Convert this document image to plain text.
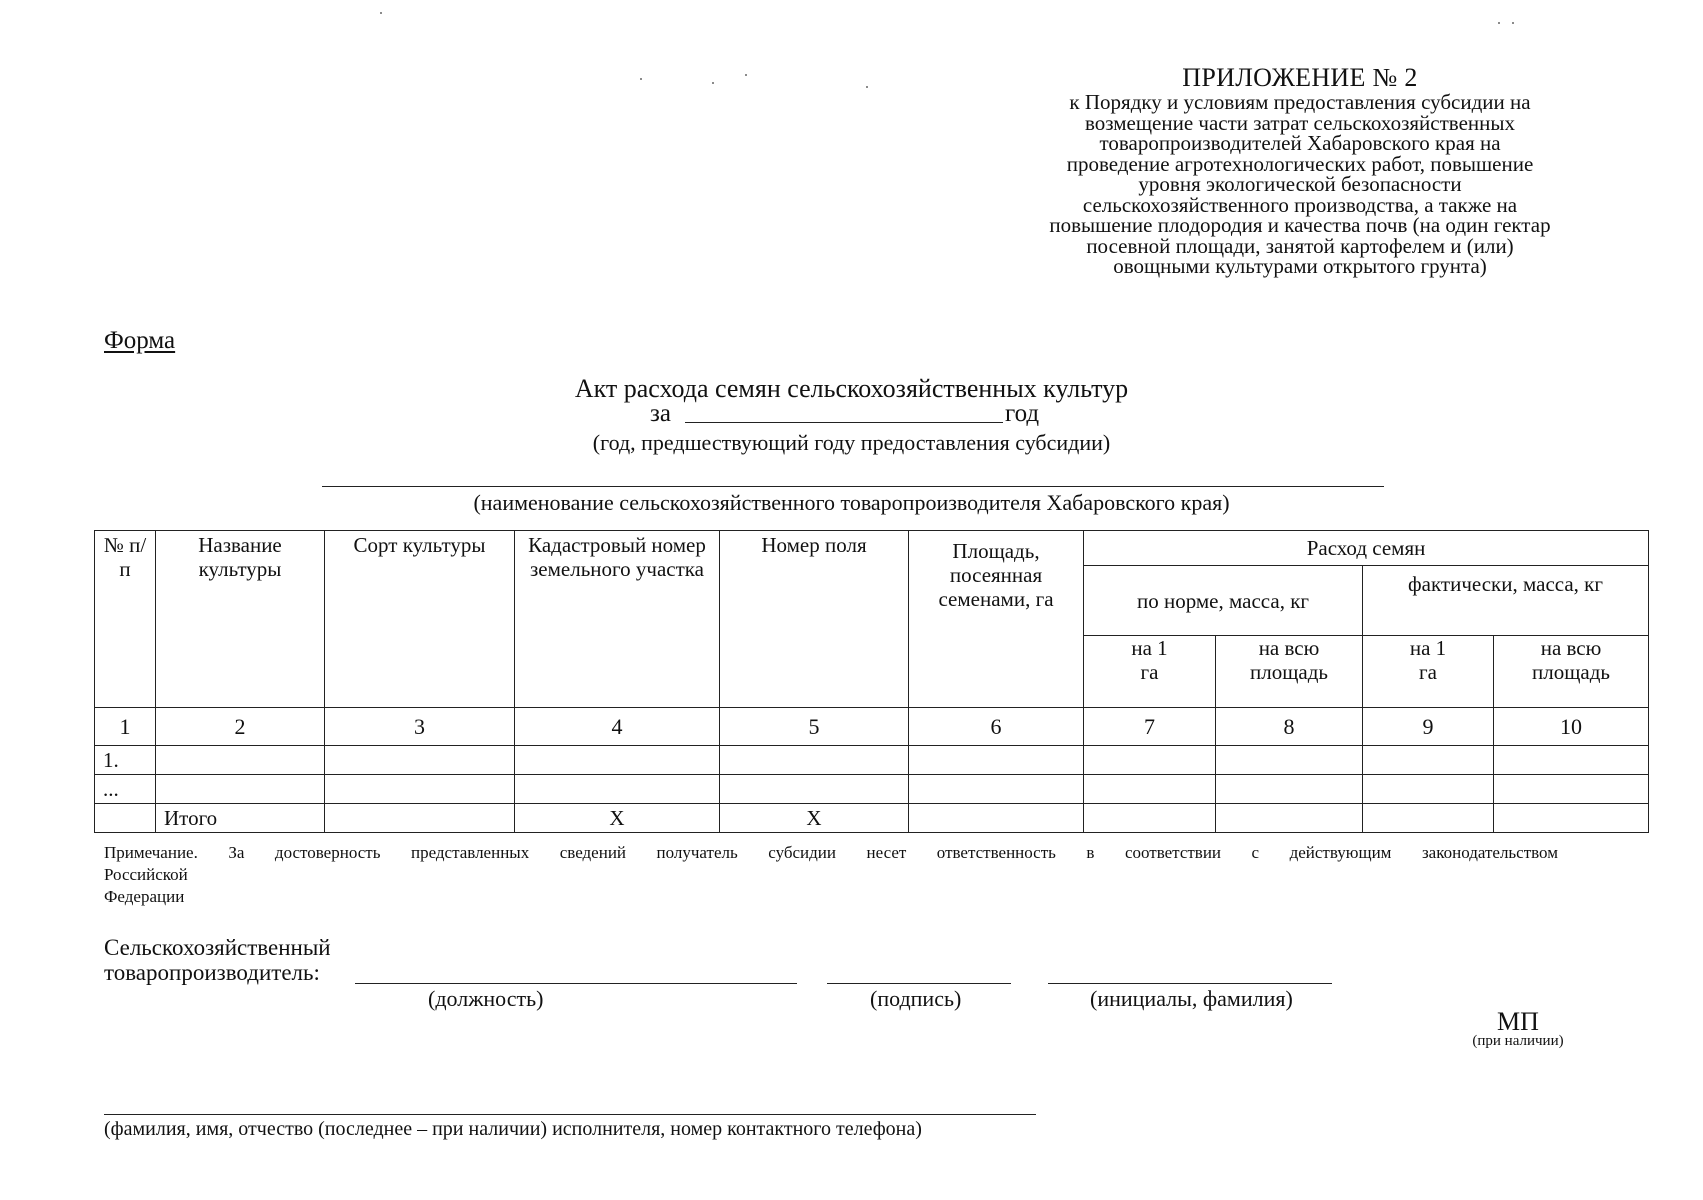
ПРИЛОЖЕНИЕ № 2
к Порядку и условиям предоставления субсидии на
возмещение части затрат сельскохозяйственных
товаропроизводителей Хабаровского края на
проведение агротехнологических работ, повышение
уровня экологической безопасности
сельскохозяйственного производства, а также на
повышение плодородия и качества почв (на один гектар
посевной площади, занятой картофелем и (или)
овощными культурами открытого грунта)
Форма
Акт расхода семян сельскохозяйственных культур
за	год
(год, предшествующий году предоставления субсидии)
(наименование сельскохозяйственного товаропроизводителя Хабаровского края)
№ п/п	Название культуры	Сорт культуры	Кадастровый номер земельного участка	Номер поля	Площадь, посеянная семенами, га	Расход семян			
						по норме, масса, кг		фактически, масса, кг	
						на 1 га	на всю площадь	на 1 га	на всю площадь
1	2	3	4	5	6	7	8	9	10
1.									
...									
	Итого		X	X					
Примечание. За достоверность представленных сведений получатель субсидии несет ответственность в соответствии с действующим законодательством
Российской
Федерации
Сельскохозяйственный
товаропроизводитель:
(должность)	(подпись)	(инициалы, фамилия)
МП
(при наличии)
(фамилия, имя, отчество (последнее – при наличии) исполнителя, номер контактного телефона)
